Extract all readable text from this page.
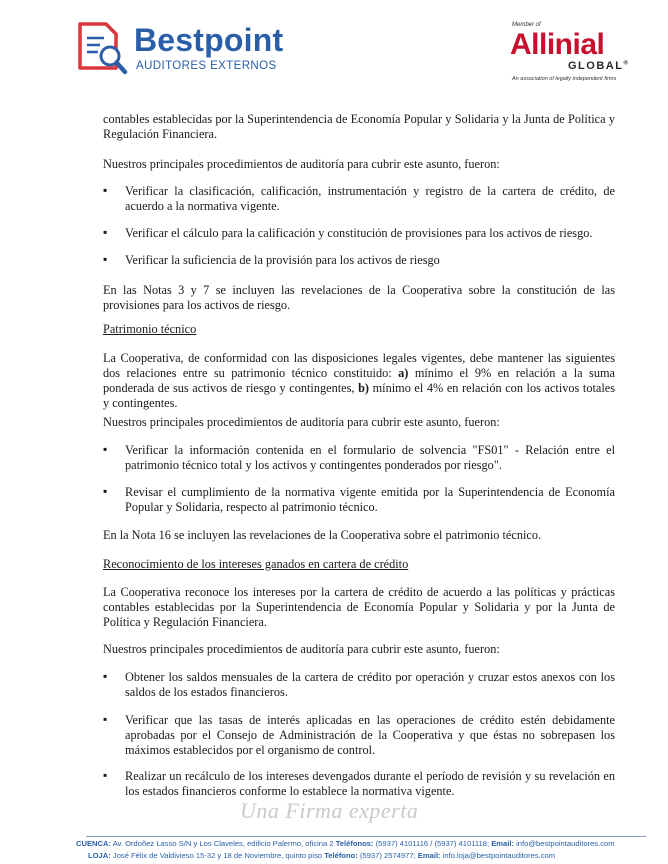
Bestpoint
AUDITORES EXTERNOS
Member of
Allinial
GLOBAL®
An association of legally independent firms

contables establecidas por la Superintendencia de Economía Popular y Solidaria y la Junta de Política y Regulación Financiera.

Nuestros principales procedimientos de auditoría para cubrir este asunto, fueron:

▪ Verificar la clasificación, calificación, instrumentación y registro de la cartera de crédito, de acuerdo a la normativa vigente.
▪ Verificar el cálculo para la calificación y constitución de provisiones para los activos de riesgo.
▪ Verificar la suficiencia de la provisión para los activos de riesgo

En las Notas 3 y 7 se incluyen las revelaciones de la Cooperativa sobre la constitución de las provisiones para los activos de riesgo.

Patrimonio técnico

La Cooperativa, de conformidad con las disposiciones legales vigentes, debe mantener las siguientes dos relaciones entre su patrimonio técnico constituido: a) mínimo el 9% en relación a la suma ponderada de sus activos de riesgo y contingentes, b) mínimo el 4% en relación con los activos totales y contingentes.

Nuestros principales procedimientos de auditoría para cubrir este asunto, fueron:

▪ Verificar la información contenida en el formulario de solvencia "FS01" - Relación entre el patrimonio técnico total y los activos y contingentes ponderados por riesgo".
▪ Revisar el cumplimiento de la normativa vigente emitida por la Superintendencia de Economía Popular y Solidaria, respecto al patrimonio técnico.

En la Nota 16 se incluyen las revelaciones de la Cooperativa sobre el patrimonio técnico.

Reconocimiento de los intereses ganados en cartera de crédito

La Cooperativa reconoce los intereses por la cartera de crédito de acuerdo a las políticas y prácticas contables establecidas por la Superintendencia de Economía Popular y Solidaria y por la Junta de Política y Regulación Financiera.

Nuestros principales procedimientos de auditoría para cubrir este asunto, fueron:

▪ Obtener los saldos mensuales de la cartera de crédito por operación y cruzar estos anexos con los saldos de los estados financieros.
▪ Verificar que las tasas de interés aplicadas en las operaciones de crédito estén debidamente aprobadas por el Consejo de Administración de la Cooperativa y que éstas no sobrepasen los máximos establecidos por el organismo de control.
▪ Realizar un recálculo de los intereses devengados durante el período de revisión y su revelación en los estados financieros conforme lo establece la normativa vigente.
Una Firma experta
CUENCA: Av. Ordoñez Lasso S/N y Los Claveles, edificio Palermo, oficina 2 Teléfonos: (5937) 4101116 / (5937) 4101118; Email: info@bestpointauditores.com
LOJA: José Félix de Valdivieso 15-32 y 18 de Noviembre, quinto piso Teléfono: (5937) 2574977; Email: info.loja@bestpointauditores.com
